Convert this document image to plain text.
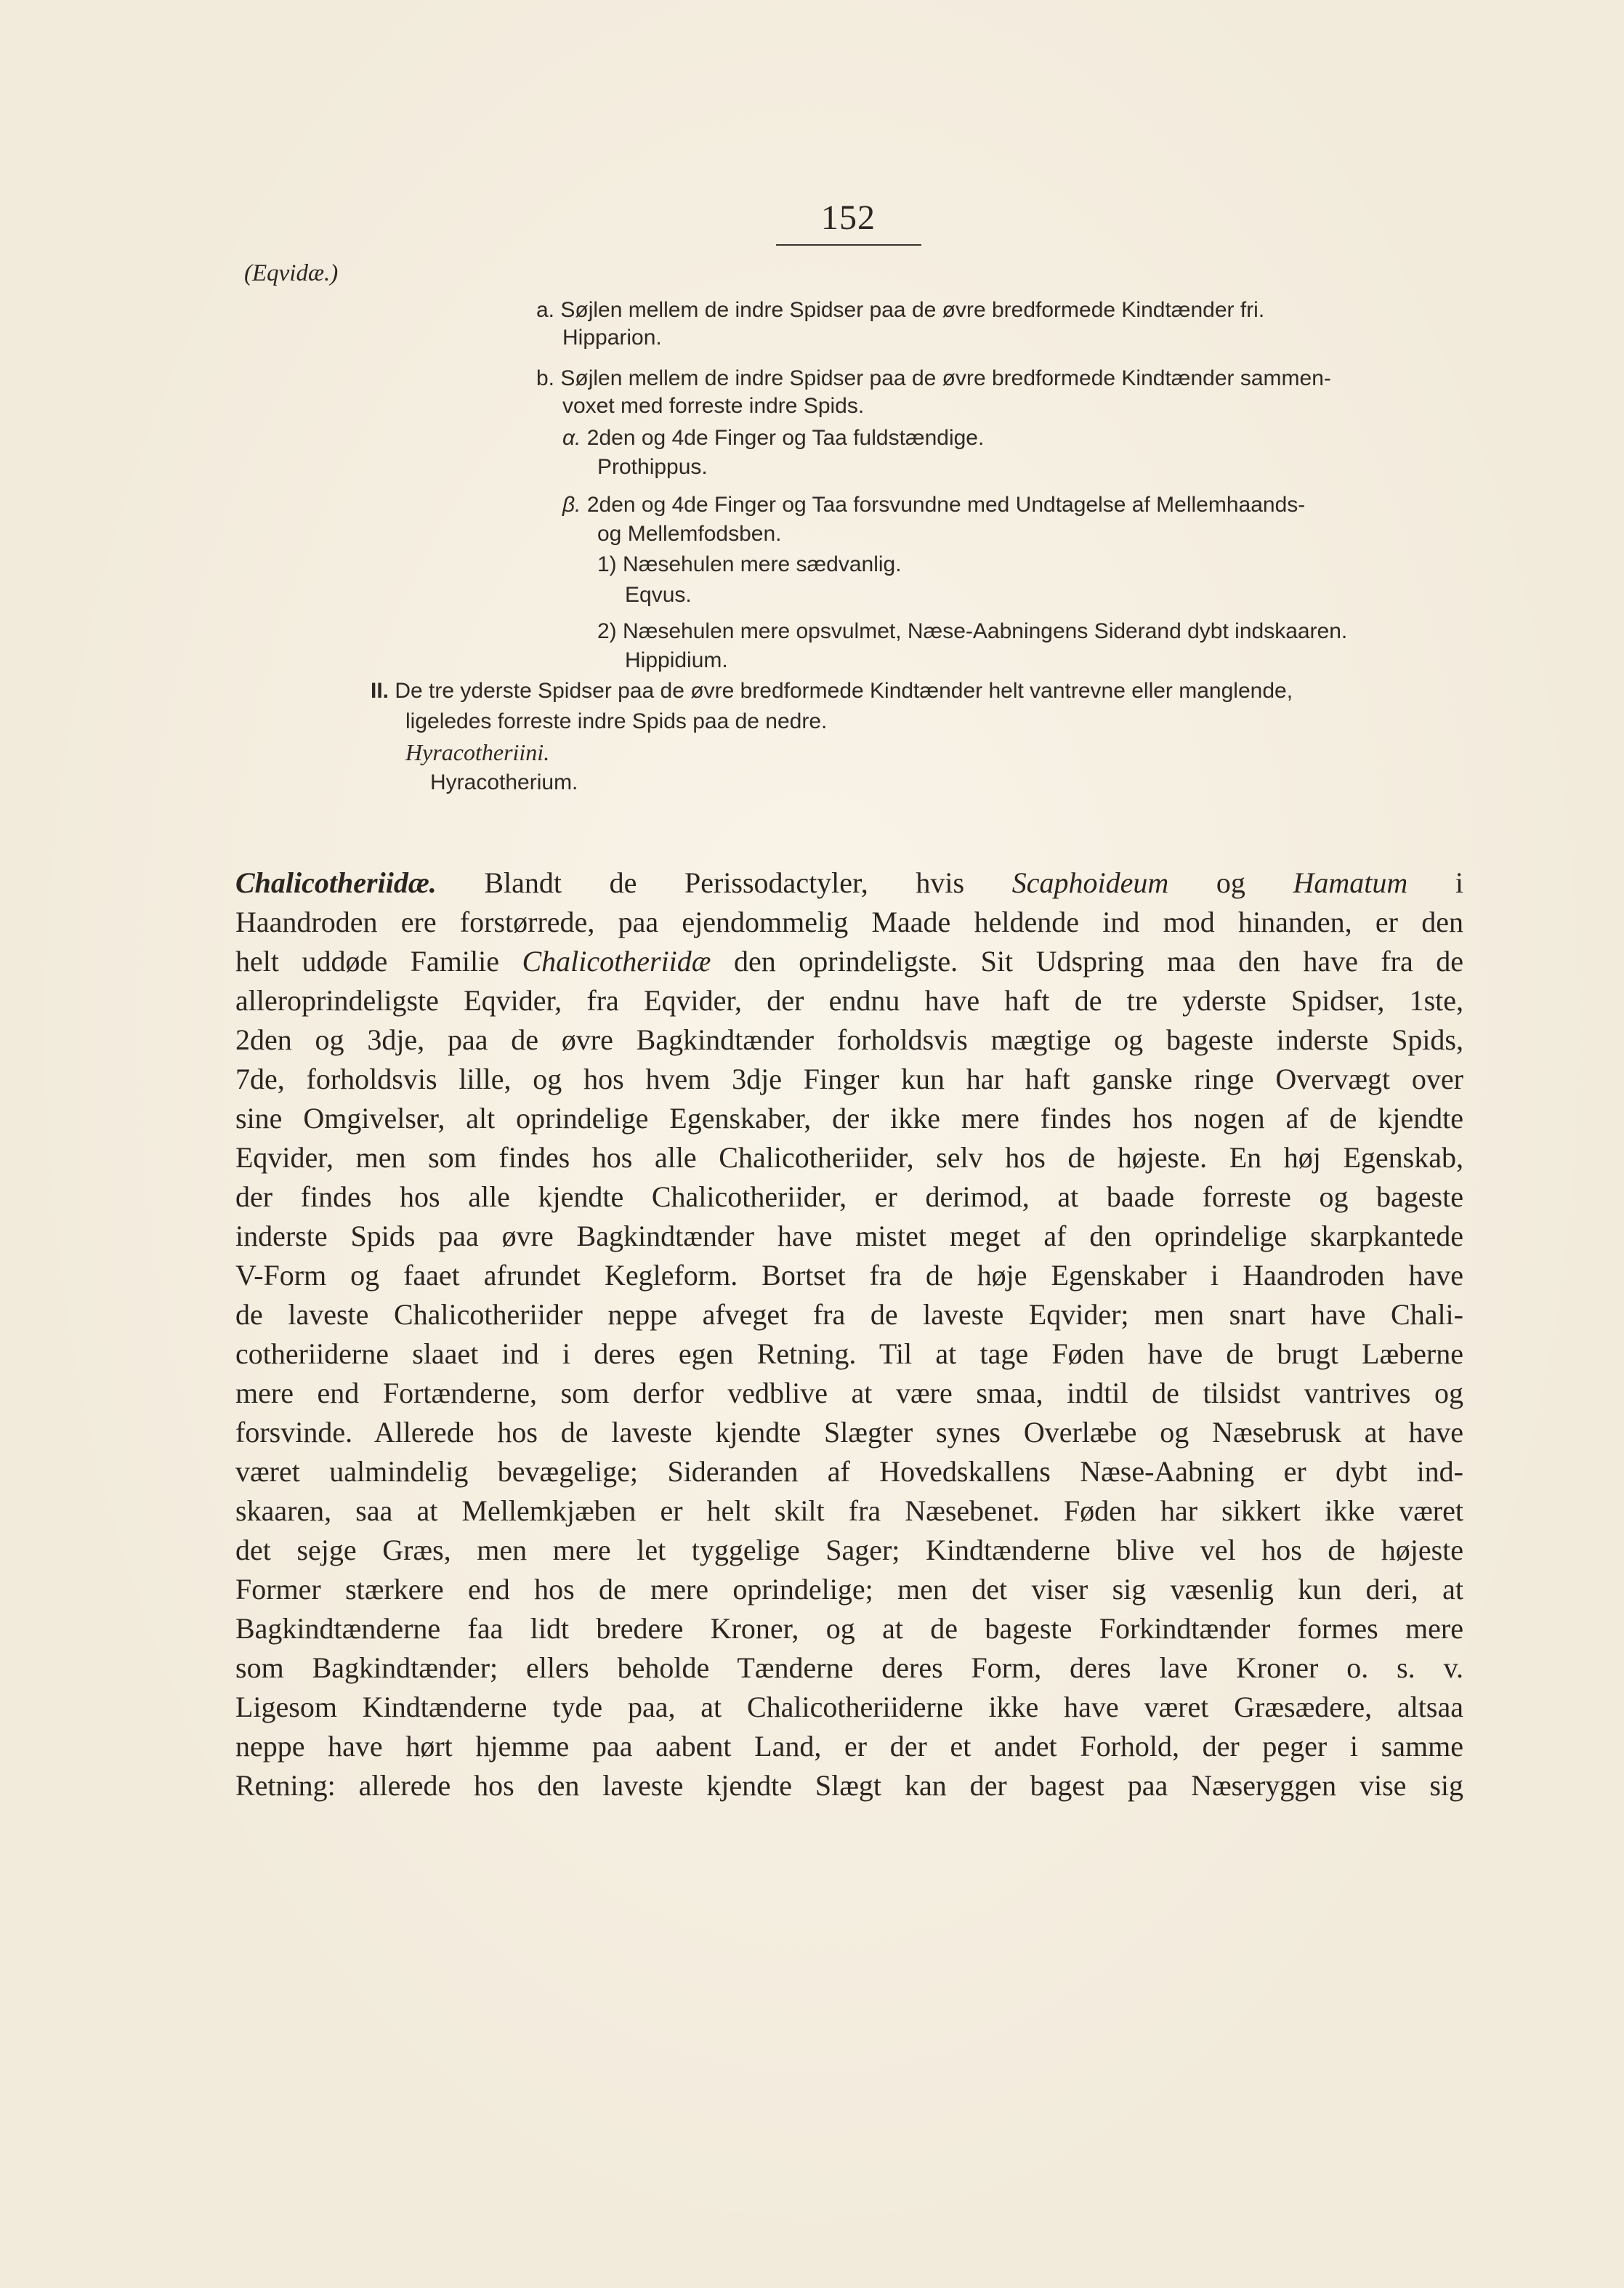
152
(Eqvidæ.)
a. Søjlen mellem de indre Spidser paa de øvre bredformede Kindtænder fri.
Hipparion.
b. Søjlen mellem de indre Spidser paa de øvre bredformede Kindtænder sammen-
voxet med forreste indre Spids.
α. 2den og 4de Finger og Taa fuldstændige.
Prothippus.
β. 2den og 4de Finger og Taa forsvundne med Undtagelse af Mellemhaands-
og Mellemfodsben.
1) Næsehulen mere sædvanlig.
Eqvus.
2) Næsehulen mere opsvulmet, Næse-Aabningens Siderand dybt indskaaren.
Hippidium.
II. De tre yderste Spidser paa de øvre bredformede Kindtænder helt vantrevne eller manglende,
ligeledes forreste indre Spids paa de nedre.
Hyracotheriini.
Hyracotherium.
Chalicotheriidæ. Blandt de Perissodactyler, hvis Scaphoideum og Hamatum i
Haandroden ere forstørrede, paa ejendommelig Maade heldende ind mod hinanden, er den
helt uddøde Familie Chalicotheriidæ den oprindeligste. Sit Udspring maa den have fra de
alleroprindeligste Eqvider, fra Eqvider, der endnu have haft de tre yderste Spidser, 1ste,
2den og 3dje, paa de øvre Bagkindtænder forholdsvis mægtige og bageste inderste Spids,
7de, forholdsvis lille, og hos hvem 3dje Finger kun har haft ganske ringe Overvægt over
sine Omgivelser, alt oprindelige Egenskaber, der ikke mere findes hos nogen af de kjendte
Eqvider, men som findes hos alle Chalicotheriider, selv hos de højeste. En høj Egenskab,
der findes hos alle kjendte Chalicotheriider, er derimod, at baade forreste og bageste
inderste Spids paa øvre Bagkindtænder have mistet meget af den oprindelige skarpkantede
V-Form og faaet afrundet Kegleform. Bortset fra de høje Egenskaber i Haandroden have
de laveste Chalicotheriider neppe afveget fra de laveste Eqvider; men snart have Chali-
cotheriiderne slaaet ind i deres egen Retning. Til at tage Føden have de brugt Læberne
mere end Fortænderne, som derfor vedblive at være smaa, indtil de tilsidst vantrives og
forsvinde. Allerede hos de laveste kjendte Slægter synes Overlæbe og Næsebrusk at have
været ualmindelig bevægelige; Sideranden af Hovedskallens Næse-Aabning er dybt ind-
skaaren, saa at Mellemkjæben er helt skilt fra Næsebenet. Føden har sikkert ikke været
det sejge Græs, men mere let tyggelige Sager; Kindtænderne blive vel hos de højeste
Former stærkere end hos de mere oprindelige; men det viser sig væsenlig kun deri, at
Bagkindtænderne faa lidt bredere Kroner, og at de bageste Forkindtænder formes mere
som Bagkindtænder; ellers beholde Tænderne deres Form, deres lave Kroner o. s. v.
Ligesom Kindtænderne tyde paa, at Chalicotheriiderne ikke have været Græsædere, altsaa
neppe have hørt hjemme paa aabent Land, er der et andet Forhold, der peger i samme
Retning: allerede hos den laveste kjendte Slægt kan der bagest paa Næseryggen vise sig
